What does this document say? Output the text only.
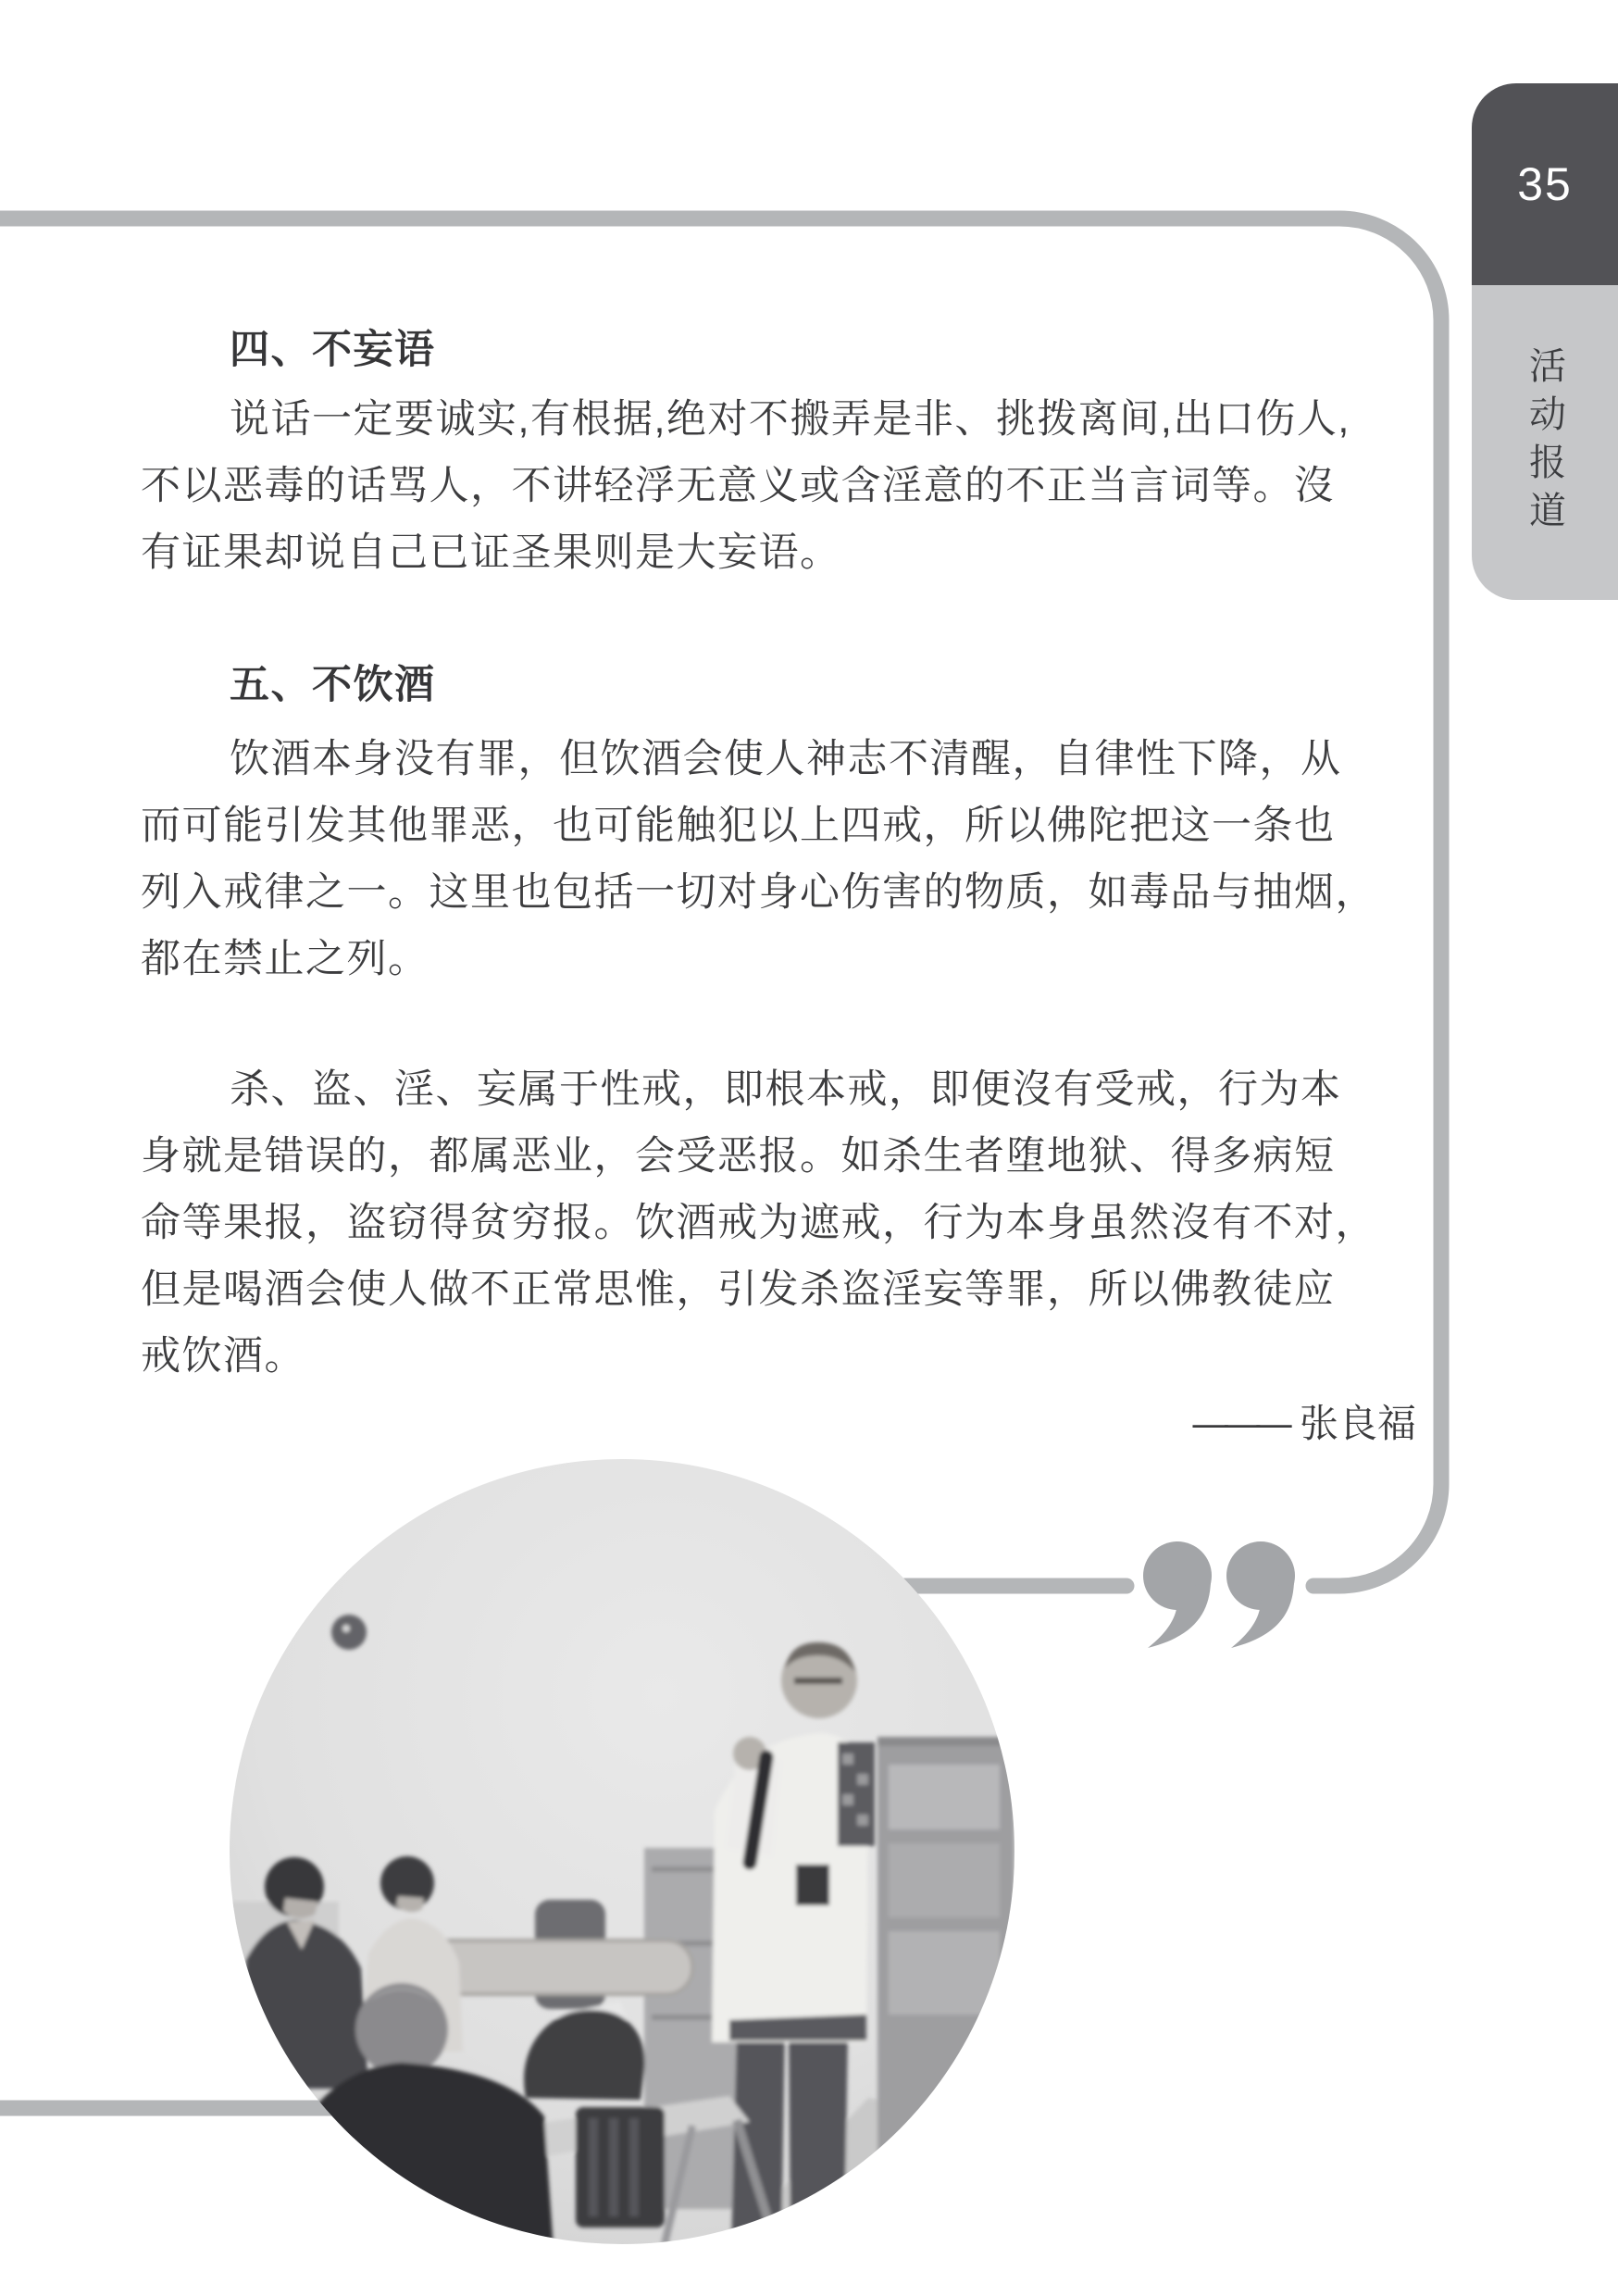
35
活动报道
四、不妄语
说话一定要诚实,有根据,绝对不搬弄是非、挑拨离间,出口伤人,
不以恶毒的话骂人，不讲轻浮无意义或含淫意的不正当言词等。沒
有证果却说自己已证圣果则是大妄语。
五、不饮酒
饮酒本身没有罪，但饮酒会使人神志不清醒，自律性下降，从
而可能引发其他罪恶，也可能触犯以上四戒，所以佛陀把这一条也
列入戒律之一。这里也包括一切对身心伤害的物质，如毒品与抽烟，
都在禁止之列。
杀、盗、淫、妄属于性戒，即根本戒，即便沒有受戒，行为本
身就是错误的，都属恶业，会受恶报。如杀生者堕地狱、得多病短
命等果报，盗窃得贫穷报。饮酒戒为遮戒，行为本身虽然沒有不对，
但是喝酒会使人做不正常思惟，引发杀盗淫妄等罪，所以佛教徒应
戒饮酒。
——— 张良福
